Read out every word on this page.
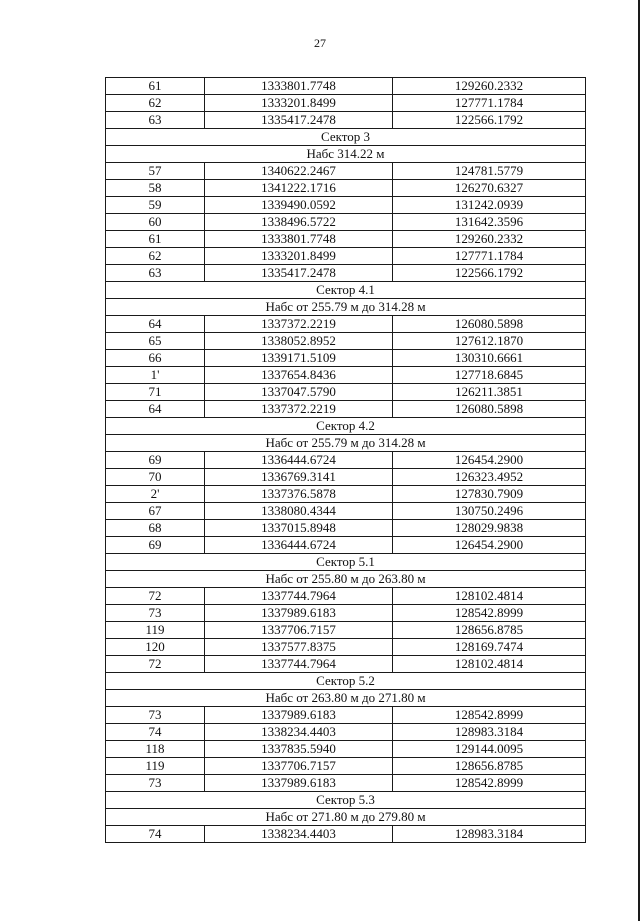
27
61	1333801.7748	129260.2332
62	1333201.8499	127771.1784
63	1335417.2478	122566.1792
Сектор 3		
Набс 314.22 м		
57	1340622.2467	124781.5779
58	1341222.1716	126270.6327
59	1339490.0592	131242.0939
60	1338496.5722	131642.3596
61	1333801.7748	129260.2332
62	1333201.8499	127771.1784
63	1335417.2478	122566.1792
Сектор 4.1		
Набс от 255.79 м до 314.28 м		
64	1337372.2219	126080.5898
65	1338052.8952	127612.1870
66	1339171.5109	130310.6661
1'	1337654.8436	127718.6845
71	1337047.5790	126211.3851
64	1337372.2219	126080.5898
Сектор 4.2		
Набс от 255.79 м до 314.28 м		
69	1336444.6724	126454.2900
70	1336769.3141	126323.4952
2'	1337376.5878	127830.7909
67	1338080.4344	130750.2496
68	1337015.8948	128029.9838
69	1336444.6724	126454.2900
Сектор 5.1		
Набс от 255.80 м до 263.80 м		
72	1337744.7964	128102.4814
73	1337989.6183	128542.8999
119	1337706.7157	128656.8785
120	1337577.8375	128169.7474
72	1337744.7964	128102.4814
Сектор 5.2		
Набс от 263.80 м до 271.80 м		
73	1337989.6183	128542.8999
74	1338234.4403	128983.3184
118	1337835.5940	129144.0095
119	1337706.7157	128656.8785
73	1337989.6183	128542.8999
Сектор 5.3		
Набс от 271.80 м до 279.80 м		
74	1338234.4403	128983.3184
